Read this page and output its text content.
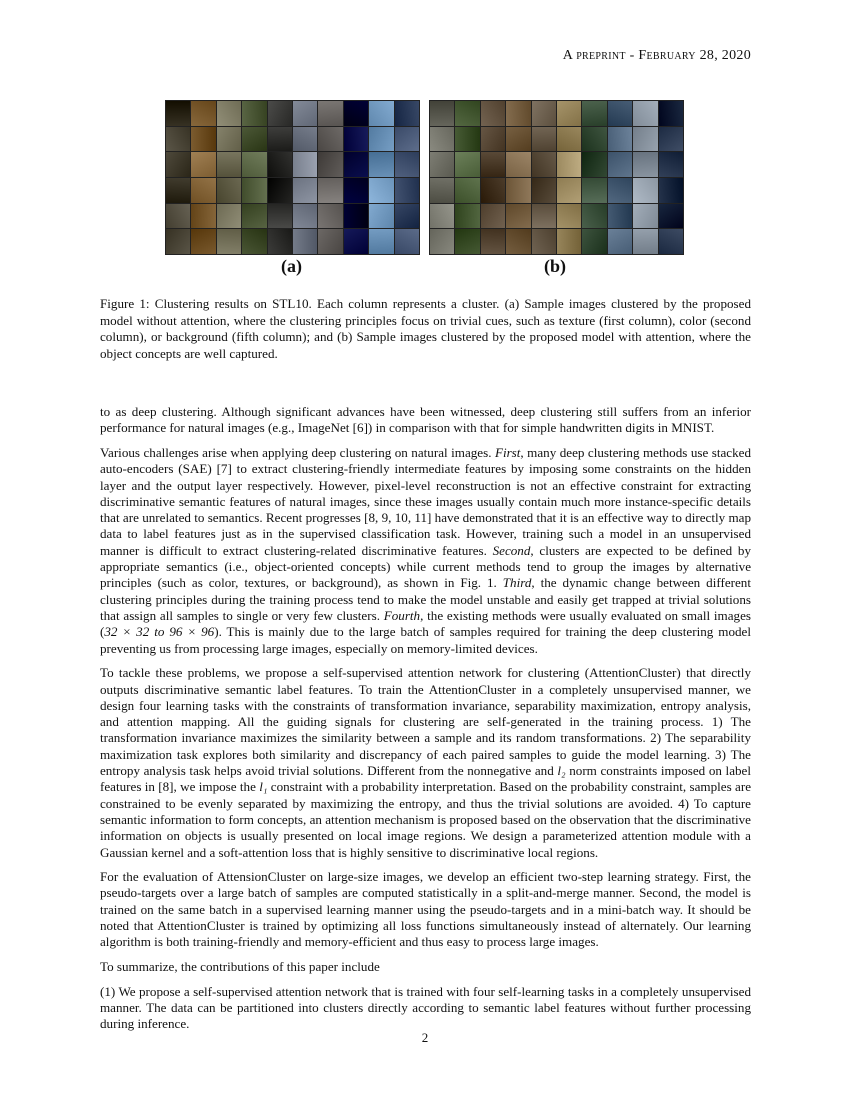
A preprint - February 28, 2020
(a)	(b)
Figure 1: Clustering results on STL10. Each column represents a cluster. (a) Sample images clustered by the proposed model without attention, where the clustering principles focus on trivial cues, such as texture (first column), color (second column), or background (fifth column); and (b) Sample images clustered by the proposed model with attention, where the object concepts are well captured.

to as deep clustering. Although significant advances have been witnessed, deep clustering still suffers from an inferior performance for natural images (e.g., ImageNet [6]) in comparison with that for simple handwritten digits in MNIST.

Various challenges arise when applying deep clustering on natural images. First, many deep clustering methods use stacked auto-encoders (SAE) [7] to extract clustering-friendly intermediate features by imposing some constraints on the hidden layer and the output layer respectively. However, pixel-level reconstruction is not an effective constraint for extracting discriminative semantic features of natural images, since these images usually contain much more instance-specific details that are unrelated to semantics. Recent progresses [8, 9, 10, 11] have demonstrated that it is an effective way to directly map data to label features just as in the supervised classification task. However, training such a model in an unsupervised manner is difficult to extract clustering-related discriminative features. Second, clusters are expected to be defined by appropriate semantics (i.e., object-oriented concepts) while current methods tend to group the images by alternative principles (such as color, textures, or background), as shown in Fig. 1. Third, the dynamic change between different clustering principles during the training process tend to make the model unstable and easily get trapped at trivial solutions that assign all samples to single or very few clusters. Fourth, the existing methods were usually evaluated on small images (32 × 32 to 96 × 96). This is mainly due to the large batch of samples required for training the deep clustering model preventing us from processing large images, especially on memory-limited devices.

To tackle these problems, we propose a self-supervised attention network for clustering (AttentionCluster) that directly outputs discriminative semantic label features. To train the AttentionCluster in a completely unsupervised manner, we design four learning tasks with the constraints of transformation invariance, separability maximization, entropy analysis, and attention mapping. All the guiding signals for clustering are self-generated in the training process. 1) The transformation invariance maximizes the similarity between a sample and its random transformations. 2) The separability maximization task explores both similarity and discrepancy of each paired samples to guide the model learning. 3) The entropy analysis task helps avoid trivial solutions. Different from the nonnegative and l₂ norm constraints imposed on label features in [8], we impose the l₁ constraint with a probability interpretation. Based on the probability constraint, samples are constrained to be evenly separated by maximizing the entropy, and thus the trivial solutions are avoided. 4) To capture semantic information to form concepts, an attention mechanism is proposed based on the observation that the discriminative information on objects is usually presented on local image regions. We design a parameterized attention module with a Gaussian kernel and a soft-attention loss that is highly sensitive to discriminative local regions.

For the evaluation of AttensionCluster on large-size images, we develop an efficient two-step learning strategy. First, the pseudo-targets over a large batch of samples are computed statistically in a split-and-merge manner. Second, the model is trained on the same batch in a supervised learning manner using the pseudo-targets and in a mini-batch way. It should be noted that AttentionCluster is trained by optimizing all loss functions simultaneously instead of alternately. Our learning algorithm is both training-friendly and memory-efficient and thus easy to process large images.

To summarize, the contributions of this paper include

(1) We propose a self-supervised attention network that is trained with four self-learning tasks in a completely unsupervised manner. The data can be partitioned into clusters directly according to semantic label features without further processing during inference.

2
